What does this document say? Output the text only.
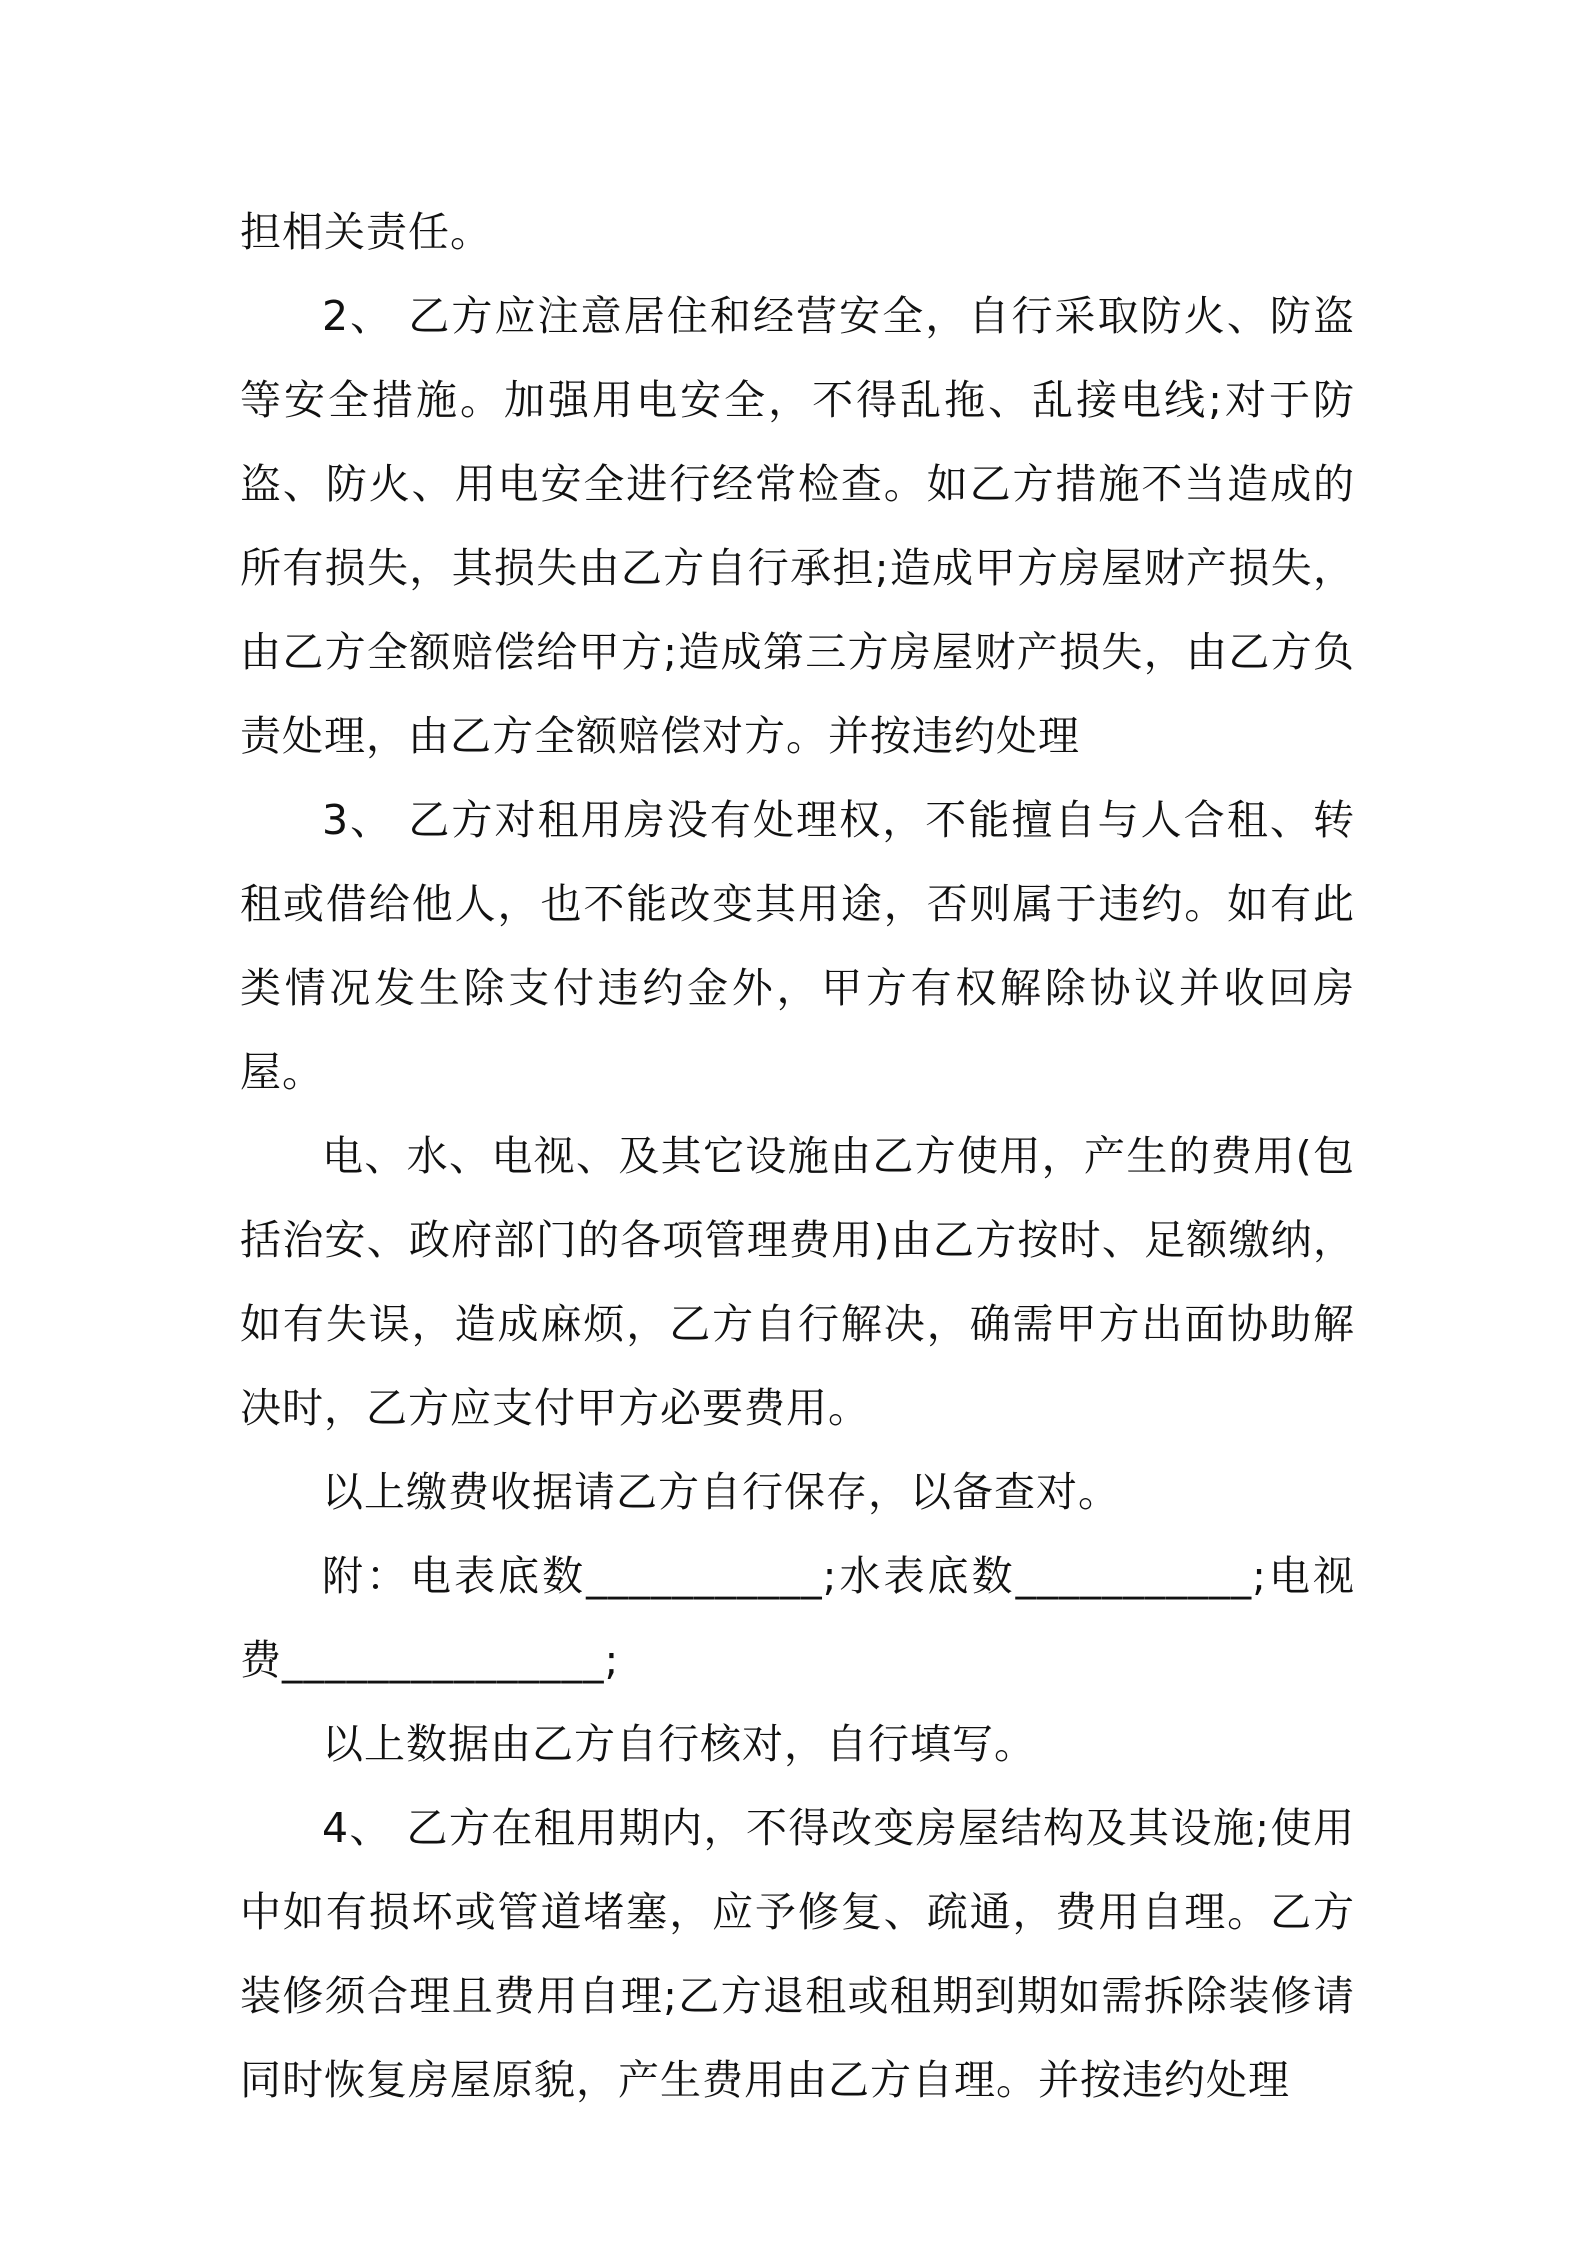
担相关责任。

2、 乙方应注意居住和经营安全，自行采取防火、防盗等安全措施。加强用电安全，不得乱拖、乱接电线;对于防盗、防火、用电安全进行经常检查。如乙方措施不当造成的所有损失，其损失由乙方自行承担;造成甲方房屋财产损失，由乙方全额赔偿给甲方;造成第三方房屋财产损失，由乙方负责处理，由乙方全额赔偿对方。并按违约处理

3、 乙方对租用房没有处理权，不能擅自与人合租、转租或借给他人，也不能改变其用途，否则属于违约。如有此类情况发生除支付违约金外，甲方有权解除协议并收回房屋。

电、水、电视、及其它设施由乙方使用，产生的费用(包括治安、政府部门的各项管理费用)由乙方按时、足额缴纳，如有失误，造成麻烦，乙方自行解决，确需甲方出面协助解决时，乙方应支付甲方必要费用。

以上缴费收据请乙方自行保存，以备查对。

附：电表底数___________;水表底数___________;电视费_______________;

以上数据由乙方自行核对，自行填写。

4、 乙方在租用期内，不得改变房屋结构及其设施;使用中如有损坏或管道堵塞，应予修复、疏通，费用自理。乙方装修须合理且费用自理;乙方退租或租期到期如需拆除装修请同时恢复房屋原貌，产生费用由乙方自理。并按违约处理
